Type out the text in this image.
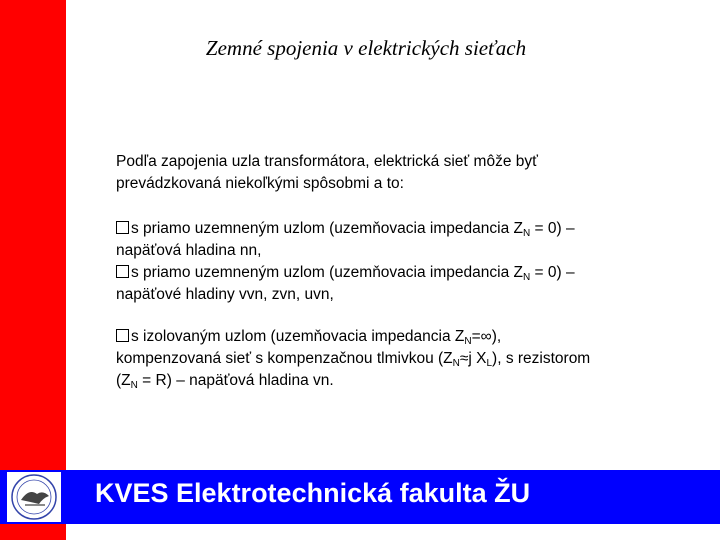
Zemné spojenia v elektrických sieťach
Podľa zapojenia uzla transformátora, elektrická sieť môže byť
prevádzkovaná niekoľkými spôsobmi a to:
s priamo uzemneným uzlom (uzemňovacia impedancia $Z_N = 0$) –
napäťová hladina nn,
s priamo uzemneným uzlom (uzemňovacia impedancia $Z_N = 0$) –
napäťové hladiny vvn, zvn, uvn,
s izolovaným uzlom (uzemňovacia impedancia $Z_N=\infty$),
kompenzovaná sieť s kompenzačnou tlmivkou ($Z_N\approx j$ $X_L$), s rezistorom
$(Z_N = R)$ – napäťová hladina vn.
KVES Elektrotechnická fakulta ŽU
